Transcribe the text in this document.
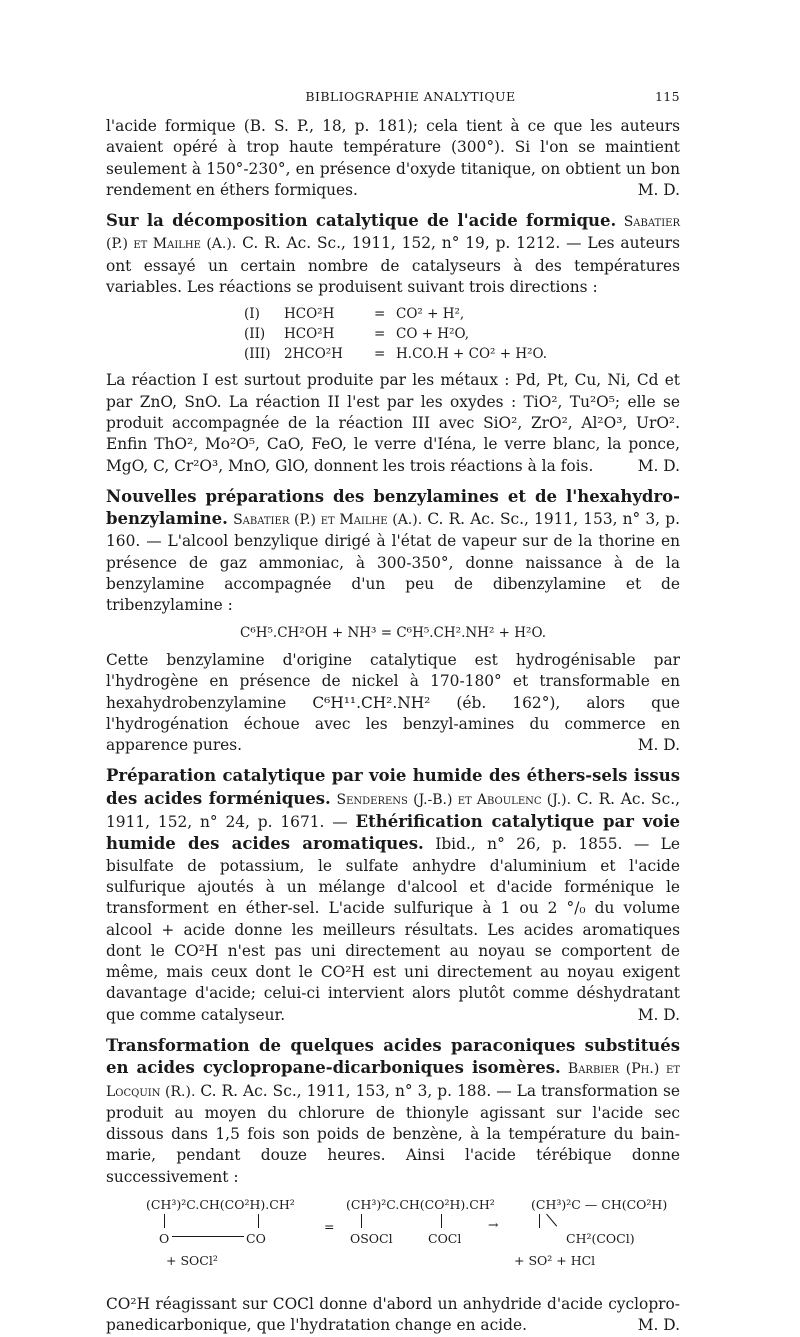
BIBLIOGRAPHIE ANALYTIQUE	115

l'acide formique (B. S. P., 18, p. 181); cela tient à ce que les auteurs avaient opéré à trop haute température (300°). Si l'on se maintient seulement à 150°-230°, en présence d'oxyde titanique, on obtient un bon rendement en éthers formiques.	M. D.

Sur la décomposition catalytique de l'acide formique. Sabatier (P.) et Mailhe (A.). C. R. Ac. Sc., 1911, 152, n° 19, p. 1212. — Les auteurs ont essayé un certain nombre de catalyseurs à des températures variables. Les réactions se produisent suivant trois directions :

(I)	HCO²H	= CO² + H²,
(II)	HCO²H	= CO + H²O,
(III) 2HCO²H	= H.CO.H + CO² + H²O.

La réaction I est surtout produite par les métaux : Pd, Pt, Cu, Ni, Cd et par ZnO, SnO. La réaction II l'est par les oxydes : TiO², Tu²O⁵; elle se produit accompagnée de la réaction III avec SiO², ZrO², Al²O³, UrO². Enfin ThO², Mo²O⁵, CaO, FeO, le verre d'Iéna, le verre blanc, la ponce, MgO, C, Cr²O³, MnO, GlO, donnent les trois réactions à la fois.	M. D.

Nouvelles préparations des benzylamines et de l'hexahydro-benzylamine. Sabatier (P.) et Mailhe (A.). C. R. Ac. Sc., 1911, 153, n° 3, p. 160. — L'alcool benzylique dirigé à l'état de vapeur sur de la thorine en présence de gaz ammoniac, à 300-350°, donne naissance à de la benzylamine accompagnée d'un peu de dibenzylamine et de tribenzylamine :

C⁶H⁵.CH²OH + NH³ = C⁶H⁵.CH².NH² + H²O.

Cette benzylamine d'origine catalytique est hydrogénisable par l'hydrogène en présence de nickel à 170-180° et transformable en hexahydrobenzylamine C⁶H¹¹.CH².NH² (éb. 162°), alors que l'hydrogénation échoue avec les benzyl-amines du commerce en apparence pures.	M. D.

Préparation catalytique par voie humide des éthers-sels issus des acides forméniques. Senderens (J.-B.) et Aboulenc (J.). C. R. Ac. Sc., 1911, 152, n° 24, p. 1671. — Ethérification catalytique par voie humide des acides aromatiques. Ibid., n° 26, p. 1855. — Le bisulfate de potassium, le sulfate anhydre d'aluminium et l'acide sulfurique ajoutés à un mélange d'alcool et d'acide forménique le transforment en éther-sel. L'acide sulfurique à 1 ou 2 °/₀ du volume alcool + acide donne les meilleurs résultats. Les acides aromatiques dont le CO²H n'est pas uni directement au noyau se comportent de même, mais ceux dont le CO²H est uni directement au noyau exigent davantage d'acide; celui-ci intervient alors plutôt comme déshydratant que comme catalyseur.	M. D.

Transformation de quelques acides paraconiques substitués en acides cyclopropane-dicarboniques isomères. Barbier (Ph.) et Locquin (R.). C. R. Ac. Sc., 1911, 153, n° 3, p. 188. — La transformation se produit au moyen du chlorure de thionyle agissant sur l'acide sec dissous dans 1,5 fois son poids de benzène, à la température du bain-marie, pendant douze heures. Ainsi l'acide térébique donne successivement :

(CH³)²C.CH(CO²H).CH²
O	CO
+ SOCl²
=
(CH³)²C.CH(CO²H).CH²
OSOCl	COCl
→
(CH³)²C — CH(CO²H)
CH²(COCl)
+ SO² + HCl

CO²H réagissant sur COCl donne d'abord un anhydride d'acide cyclopro-panedicarbonique, que l'hydratation change en acide.	M. D.
